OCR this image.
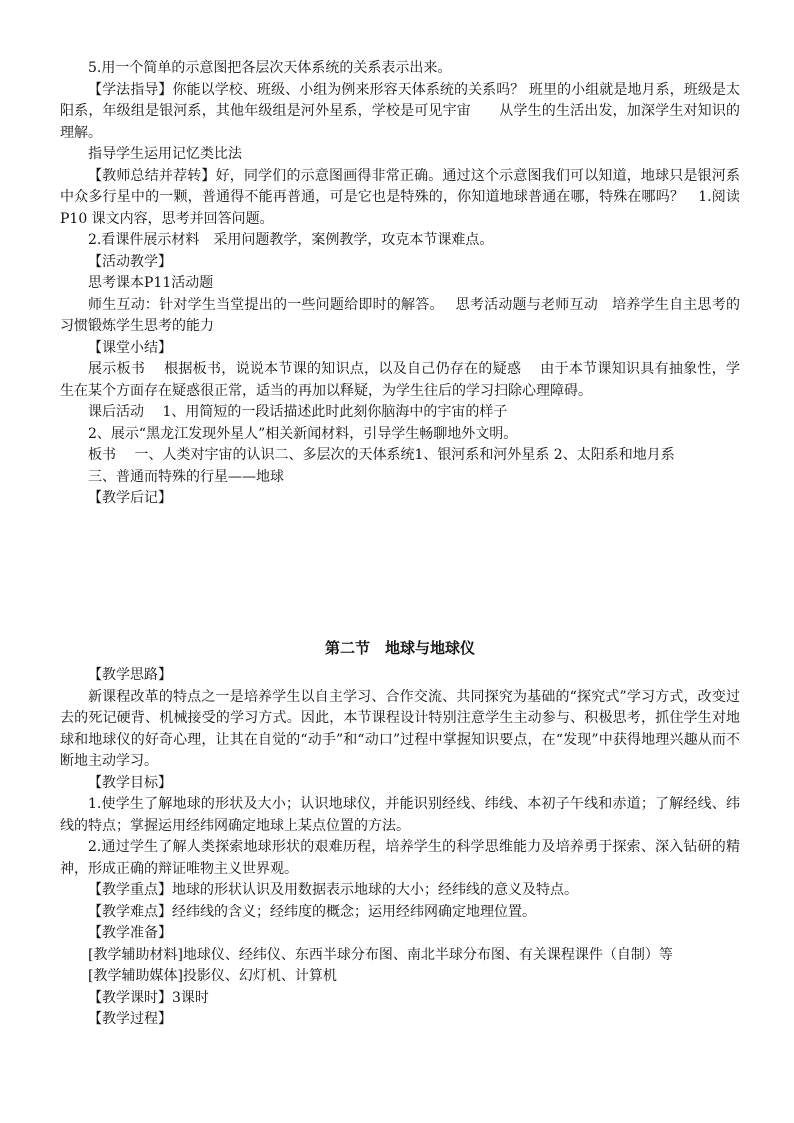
5.用一个简单的示意图把各层次天体系统的关系表示出来。

【学法指导】你能以学校、班级、小组为例来形容天体系统的关系吗？ 班里的小组就是地月系，班级是太阳系，年级组是银河系，其他年级组是河外星系，学校是可见宇宙　　从学生的生活出发，加深学生对知识的理解。

指导学生运用记忆类比法

【教师总结并荐转】好，同学们的示意图画得非常正确。通过这个示意图我们可以知道，地球只是银河系中众多行星中的一颗，普通得不能再普通，可是它也是特殊的，你知道地球普通在哪，特殊在哪吗？　1.阅读P10 课文内容，思考并回答问题。

2.看课件展示材料　采用问题教学，案例教学，攻克本节课难点。

【活动教学】

思考课本P11活动题

师生互动：针对学生当堂提出的一些问题给即时的解答。　 思考活动题与老师互动　培养学生自主思考的习惯锻炼学生思考的能力

【课堂小结】

展示板书　 根据板书，说说本节课的知识点，以及自己仍存在的疑惑　 由于本节课知识具有抽象性，学生在某个方面存在疑惑很正常，适当的再加以释疑，为学生往后的学习扫除心理障碍。

课后活动　 1、用简短的一段话描述此时此刻你脑海中的宇宙的样子

2、展示“黑龙江发现外星人”相关新闻材料，引导学生畅聊地外文明。

板书　 一、人类对宇宙的认识二、多层次的天体系统1、银河系和河外星系 2、太阳系和地月系

三、普通而特殊的行星——地球

【教学后记】

第二节　地球与地球仪

【教学思路】

新课程改革的特点之一是培养学生以自主学习、合作交流、共同探究为基础的“探究式”学习方式，改变过去的死记硬背、机械接受的学习方式。因此，本节课程设计特别注意学生主动参与、积极思考，抓住学生对地球和地球仪的好奇心理，让其在自觉的“动手”和“动口”过程中掌握知识要点，在“发现”中获得地理兴趣从而不断地主动学习。

【教学目标】

1.使学生了解地球的形状及大小；认识地球仪，并能识别经线、纬线、本初子午线和赤道；了解经线、纬线的特点；掌握运用经纬网确定地球上某点位置的方法。

2.通过学生了解人类探索地球形状的艰难历程，培养学生的科学思维能力及培养勇于探索、深入钻研的精神，形成正确的辩证唯物主义世界观。

【教学重点】地球的形状认识及用数据表示地球的大小；经纬线的意义及特点。

【教学难点】经纬线的含义；经纬度的概念；运用经纬网确定地理位置。

【教学准备】

[教学辅助材料]地球仪、经纬仪、东西半球分布图、南北半球分布图、有关课程课件（自制）等

[教学辅助媒体]投影仪、幻灯机、计算机

【教学课时】3课时

【教学过程】
